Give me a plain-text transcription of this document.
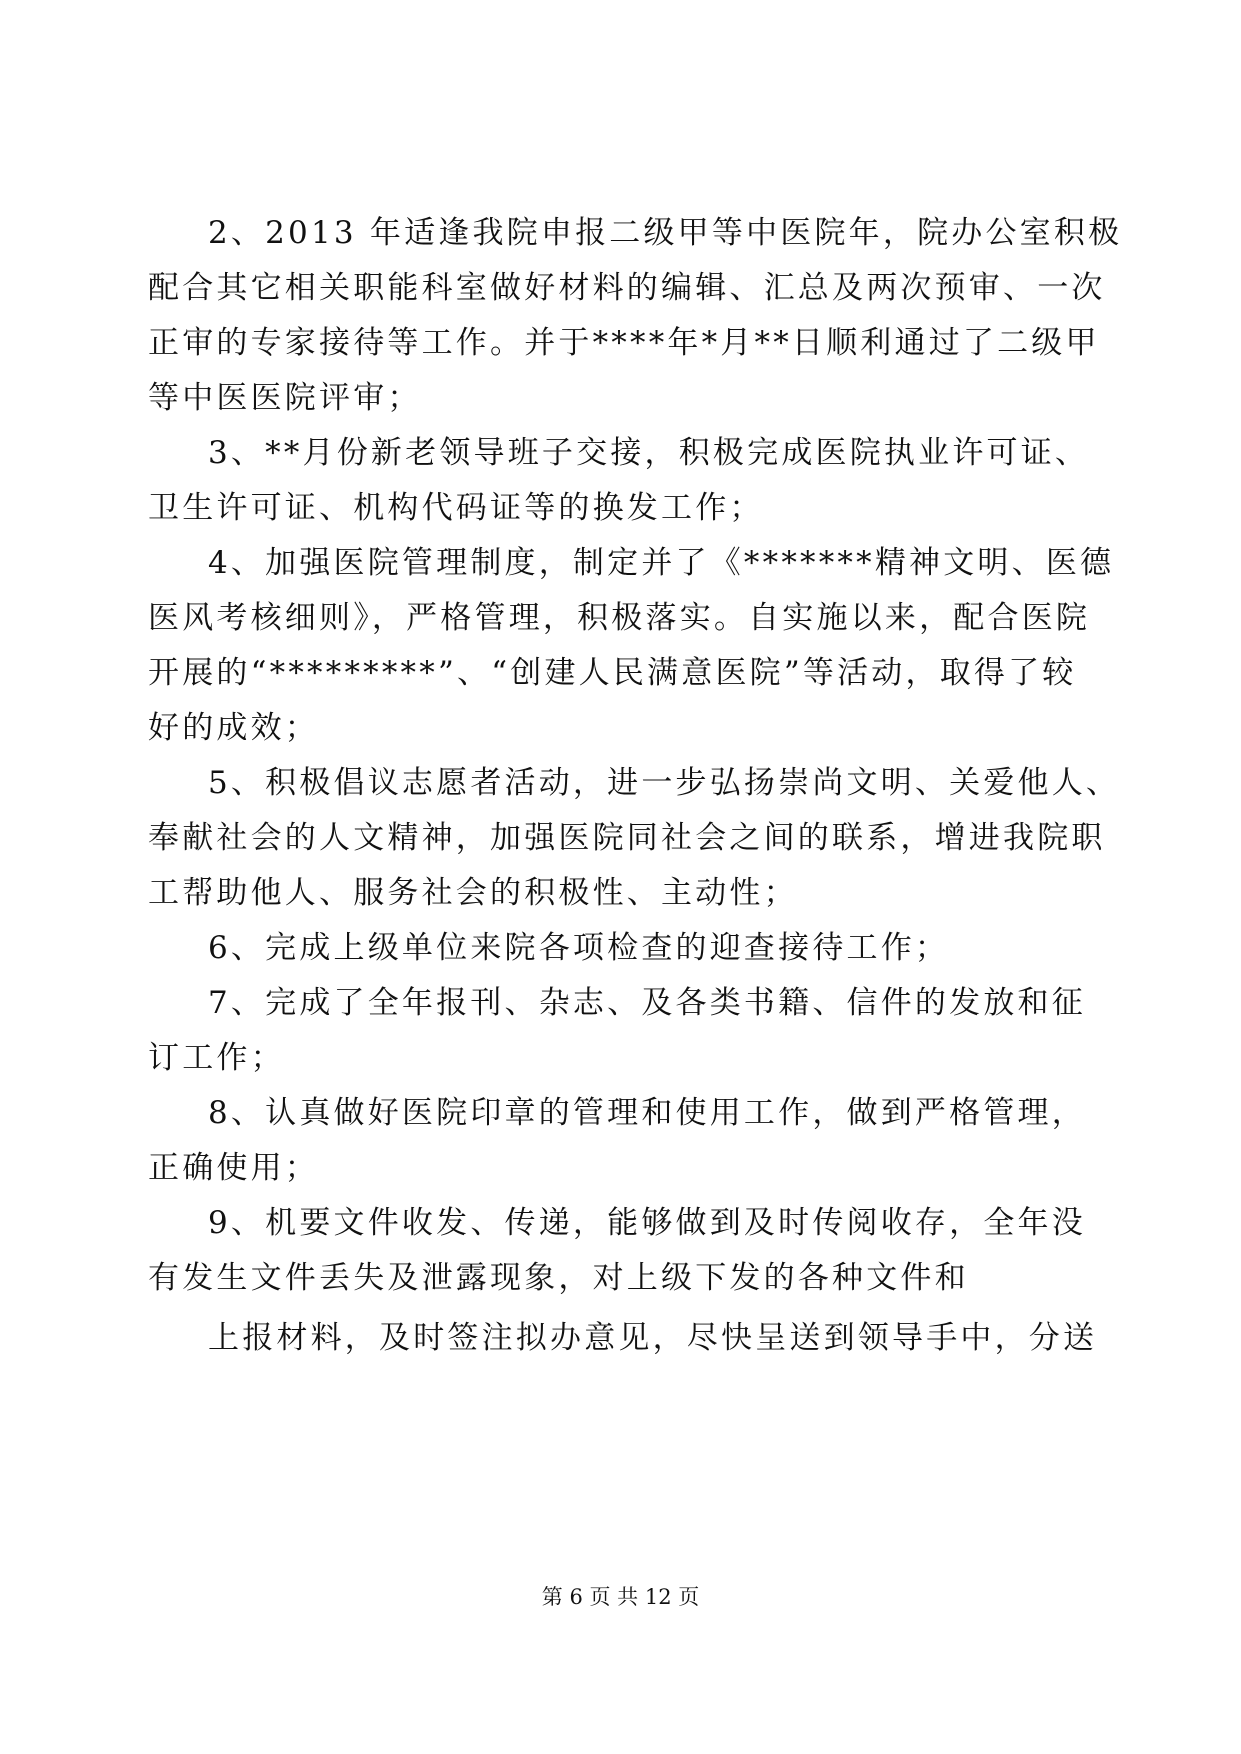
2、2013 年适逢我院申报二级甲等中医院年，院办公室积极
配合其它相关职能科室做好材料的编辑、汇总及两次预审、一次
正审的专家接待等工作。并于****年*月**日顺利通过了二级甲
等中医医院评审；
3、**月份新老领导班子交接，积极完成医院执业许可证、
卫生许可证、机构代码证等的换发工作；
4、加强医院管理制度，制定并了《*******精神文明、医德
医风考核细则》，严格管理，积极落实。自实施以来，配合医院
开展的“*********”、“创建人民满意医院”等活动，取得了较
好的成效；
5、积极倡议志愿者活动，进一步弘扬崇尚文明、关爱他人、
奉献社会的人文精神，加强医院同社会之间的联系，增进我院职
工帮助他人、服务社会的积极性、主动性；
6、完成上级单位来院各项检查的迎查接待工作；
7、完成了全年报刊、杂志、及各类书籍、信件的发放和征
订工作；
8、认真做好医院印章的管理和使用工作，做到严格管理，
正确使用；
9、机要文件收发、传递，能够做到及时传阅收存，全年没
有发生文件丢失及泄露现象，对上级下发的各种文件和
上报材料，及时签注拟办意见，尽快呈送到领导手中，分送
第 6 页 共 12 页
